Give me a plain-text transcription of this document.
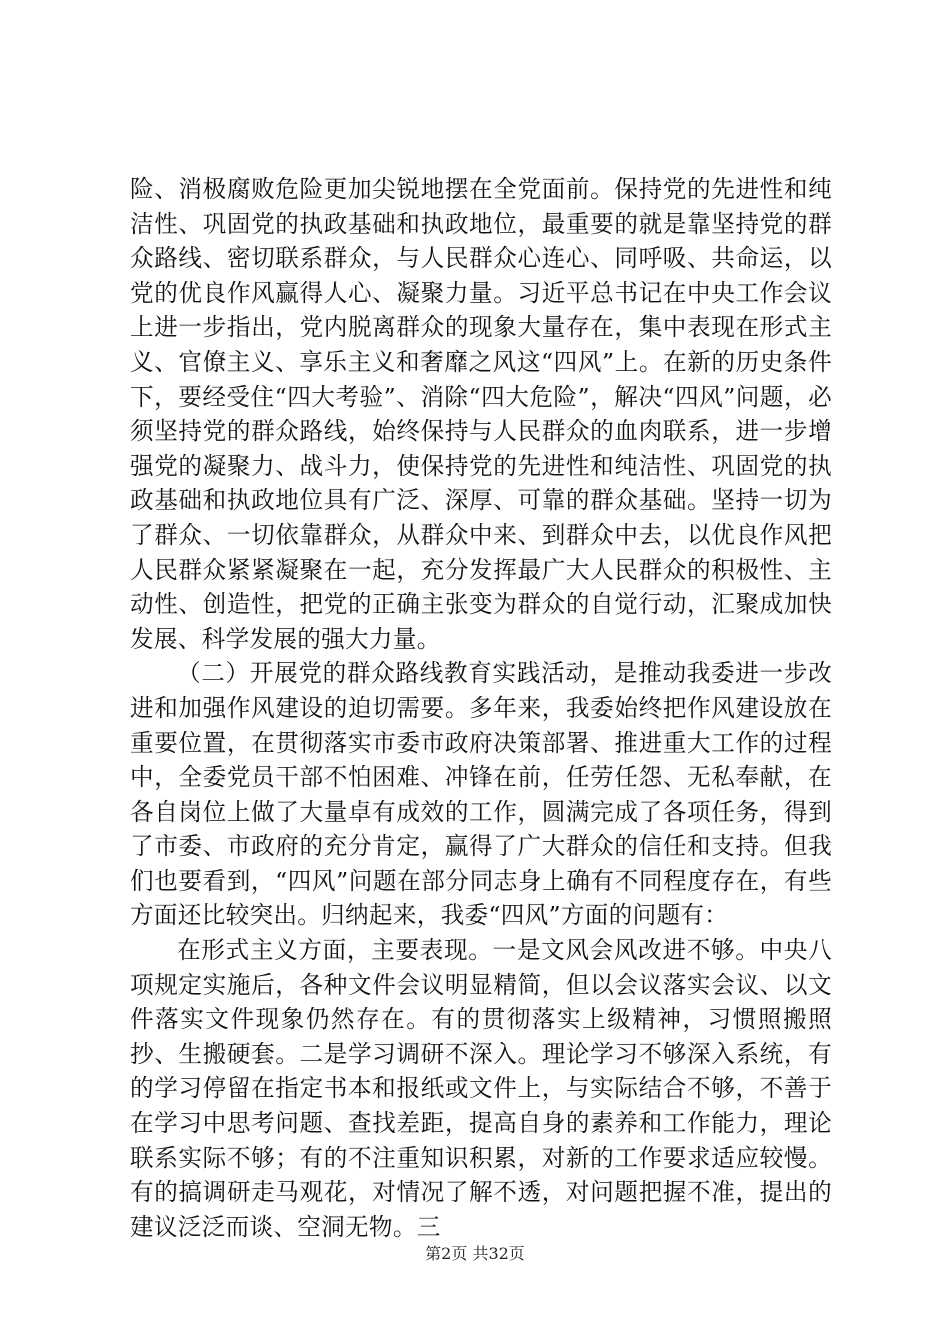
险、消极腐败危险更加尖锐地摆在全党面前。保持党的先进性和纯洁性、巩固党的执政基础和执政地位，最重要的就是靠坚持党的群众路线、密切联系群众，与人民群众心连心、同呼吸、共命运，以党的优良作风赢得人心、凝聚力量。习近平总书记在中央工作会议上进一步指出，党内脱离群众的现象大量存在，集中表现在形式主义、官僚主义、享乐主义和奢靡之风这“四风”上。在新的历史条件下，要经受住“四大考验”、消除“四大危险”，解决“四风”问题，必须坚持党的群众路线，始终保持与人民群众的血肉联系，进一步增强党的凝聚力、战斗力，使保持党的先进性和纯洁性、巩固党的执政基础和执政地位具有广泛、深厚、可靠的群众基础。坚持一切为了群众、一切依靠群众，从群众中来、到群众中去，以优良作风把人民群众紧紧凝聚在一起，充分发挥最广大人民群众的积极性、主动性、创造性，把党的正确主张变为群众的自觉行动，汇聚成加快发展、科学发展的强大力量。

（二）开展党的群众路线教育实践活动，是推动我委进一步改进和加强作风建设的迫切需要。多年来，我委始终把作风建设放在重要位置，在贯彻落实市委市政府决策部署、推进重大工作的过程中，全委党员干部不怕困难、冲锋在前，任劳任怨、无私奉献，在各自岗位上做了大量卓有成效的工作，圆满完成了各项任务，得到了市委、市政府的充分肯定，赢得了广大群众的信任和支持。但我们也要看到，“四风”问题在部分同志身上确有不同程度存在，有些方面还比较突出。归纳起来，我委“四风”方面的问题有：

在形式主义方面，主要表现。一是文风会风改进不够。中央八项规定实施后，各种文件会议明显精简，但以会议落实会议、以文件落实文件现象仍然存在。有的贯彻落实上级精神，习惯照搬照抄、生搬硬套。二是学习调研不深入。理论学习不够深入系统，有的学习停留在指定书本和报纸或文件上，与实际结合不够，不善于在学习中思考问题、查找差距，提高自身的素养和工作能力，理论联系实际不够；有的不注重知识积累，对新的工作要求适应较慢。有的搞调研走马观花，对情况了解不透，对问题把握不准，提出的建议泛泛而谈、空洞无物。三

第2页 共32页
